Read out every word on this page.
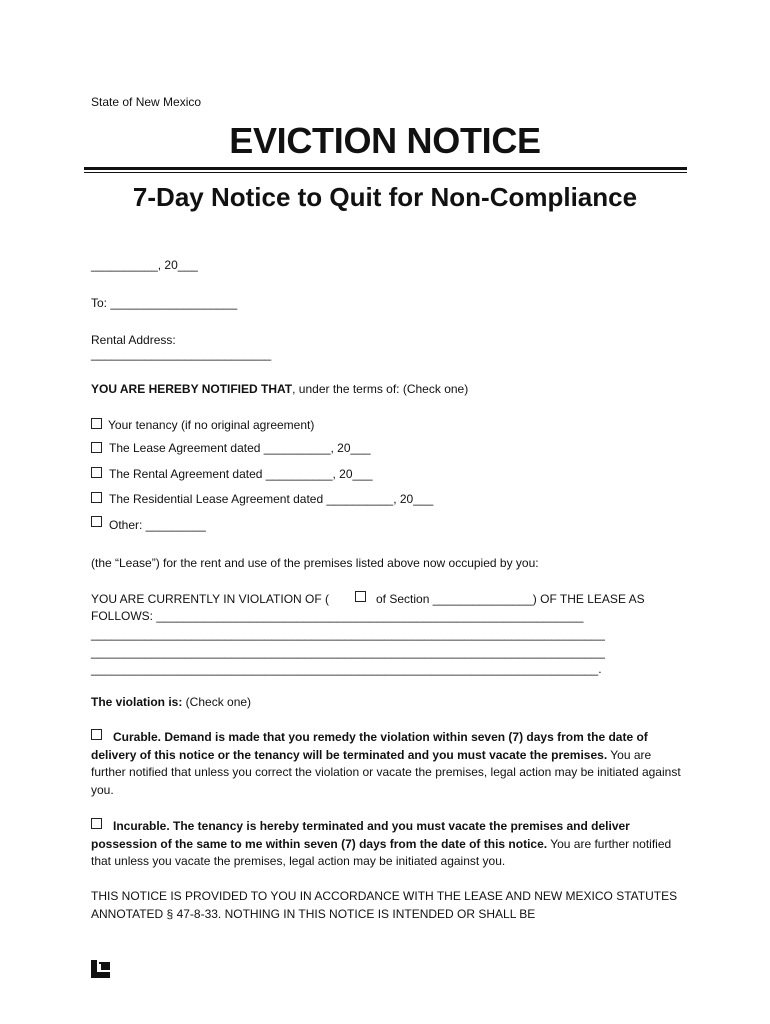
State of New Mexico
EVICTION NOTICE
7-Day Notice to Quit for Non-Compliance
__________, 20___
To: ___________________
Rental Address:
___________________________
YOU ARE HEREBY NOTIFIED THAT, under the terms of: (Check one)
Your tenancy (if no original agreement)
The Lease Agreement dated __________, 20___
The Rental Agreement dated __________, 20___
The Residential Lease Agreement dated __________, 20___
Other: _________
(the “Lease”) for the rent and use of the premises listed above now occupied by you:
YOU ARE CURRENTLY IN VIOLATION OF (	of Section _______________) OF THE LEASE AS
FOLLOWS: ________________________________________________________________
_____________________________________________________________________________
_____________________________________________________________________________
____________________________________________________________________________.
The violation is: (Check one)
Curable. Demand is made that you remedy the violation within seven (7) days from the date of delivery of this notice or the tenancy will be terminated and you must vacate the premises. You are further notified that unless you correct the violation or vacate the premises, legal action may be initiated against you.
Incurable. The tenancy is hereby terminated and you must vacate the premises and deliver possession of the same to me within seven (7) days from the date of this notice. You are further notified that unless you vacate the premises, legal action may be initiated against you.
THIS NOTICE IS PROVIDED TO YOU IN ACCORDANCE WITH THE LEASE AND NEW MEXICO STATUTES ANNOTATED § 47-8-33. NOTHING IN THIS NOTICE IS INTENDED OR SHALL BE
